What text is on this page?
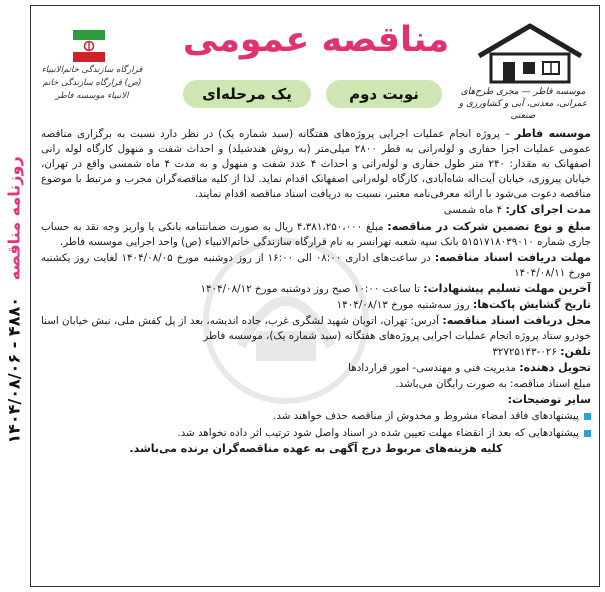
روزنامه مناقصه   ۴۸۸۰ - ۱۴۰۴/۰۸/۰۶
مناقصه عمومی
نوبت دوم
یک مرحله‌ای
قرارگاه سازندگی خاتم‌الانبیاء (ص) قرارگاه سازندگی خاتم الانبیاء موسسه فاطر	موسسه فاطر — مجری طرح‌های عمرانی، معدنی، آبی و کشاورزی و صنعتی

موسسه فاطر – پروژه انجام عملیات اجرایی پروژه‌های هفتگانه (سبد شماره یک) در نظر دارد نسبت به برگزاری مناقصه عمومی عملیات اجرا حفاری و لوله‌رانی به قطر ۲۸۰۰ میلی‌متر (به روش هندشیلد) و احداث شفت و منهول کارگاه لوله رانی اصفهانک به مقدار: ۲۴۰ متر طول حفاری و لوله‌رانی و احداث ۴ عدد شفت و منهول و به مدت ۴ ماه شمسی واقع در تهران، خیابان پیروزی، خیابان آیت‌اله شاه‌آبادی، کارگاه لوله‌رانی اصفهانک اقدام نماید. لذا از کلیه مناقصه‌گران مجرب و مرتبط با موضوع مناقصه دعوت می‌شود با ارائه معرفی‌نامه معتبر، نسبت به دریافت اسناد مناقصه اقدام نمایند.

مدت اجرای کار: ۴ ماه شمسی

مبلغ و نوع تضمین شرکت در مناقصه: مبلغ ۴،۳۸۱،۲۵۰،۰۰۰ ریال به صورت ضمانتنامه بانکی یا واریز وجه نقد به حساب جاری شماره ۵۱۵۱۷۱۸۰۳۹۰۱۰ بانک سپه شعبه تهرانسر به نام قرارگاه سازندگی خاتم‌الانبیاء (ص) واحد اجرایی موسسه فاطر.

مهلت دریافت اسناد مناقصه: در ساعت‌های اداری ۰۸:۰۰ الی ۱۶:۰۰ از روز دوشنبه مورخ ۱۴۰۴/۰۸/۰۵ لغایت روز یکشنبه مورخ ۱۴۰۴/۰۸/۱۱

آخرین مهلت تسلیم پیشنهادات: تا ساعت ۱۰:۰۰ صبح روز دوشنبه مورخ ۱۴۰۴/۰۸/۱۲

تاریخ گشایش پاکت‌ها: روز سه‌شنبه مورخ ۱۴۰۴/۰۸/۱۳

محل دریافت اسناد مناقصه: آدرس: تهران، اتوبان شهید لشگری غرب، جاده اندیشه، بعد از پل کفش ملی، نبش خیابان اسنا خودرو ستاد پروژه انجام عملیات اجرایی پروژه‌های هفتگانه (سبد شماره یک)، موسسه فاطر

تلفن: ۰۲۶-۳۲۷۲۵۱۴۳

تحویل دهنده: مدیریت فنی و مهندسی- امور قراردادها

مبلغ اسناد مناقصه: به صورت رایگان می‌باشد.

سایر توضیحات:

پیشنهادهای فاقد امضاء مشروط و مخدوش از مناقصه حذف خواهند شد.
پیشنهادهایی که بعد از انقضاء مهلت تعیین شده در اسناد واصل شود ترتیب اثر داده نخواهد شد.

کلیه هزینه‌های مربوط درج آگهی به عهده مناقصه‌گران برنده می‌باشد.
